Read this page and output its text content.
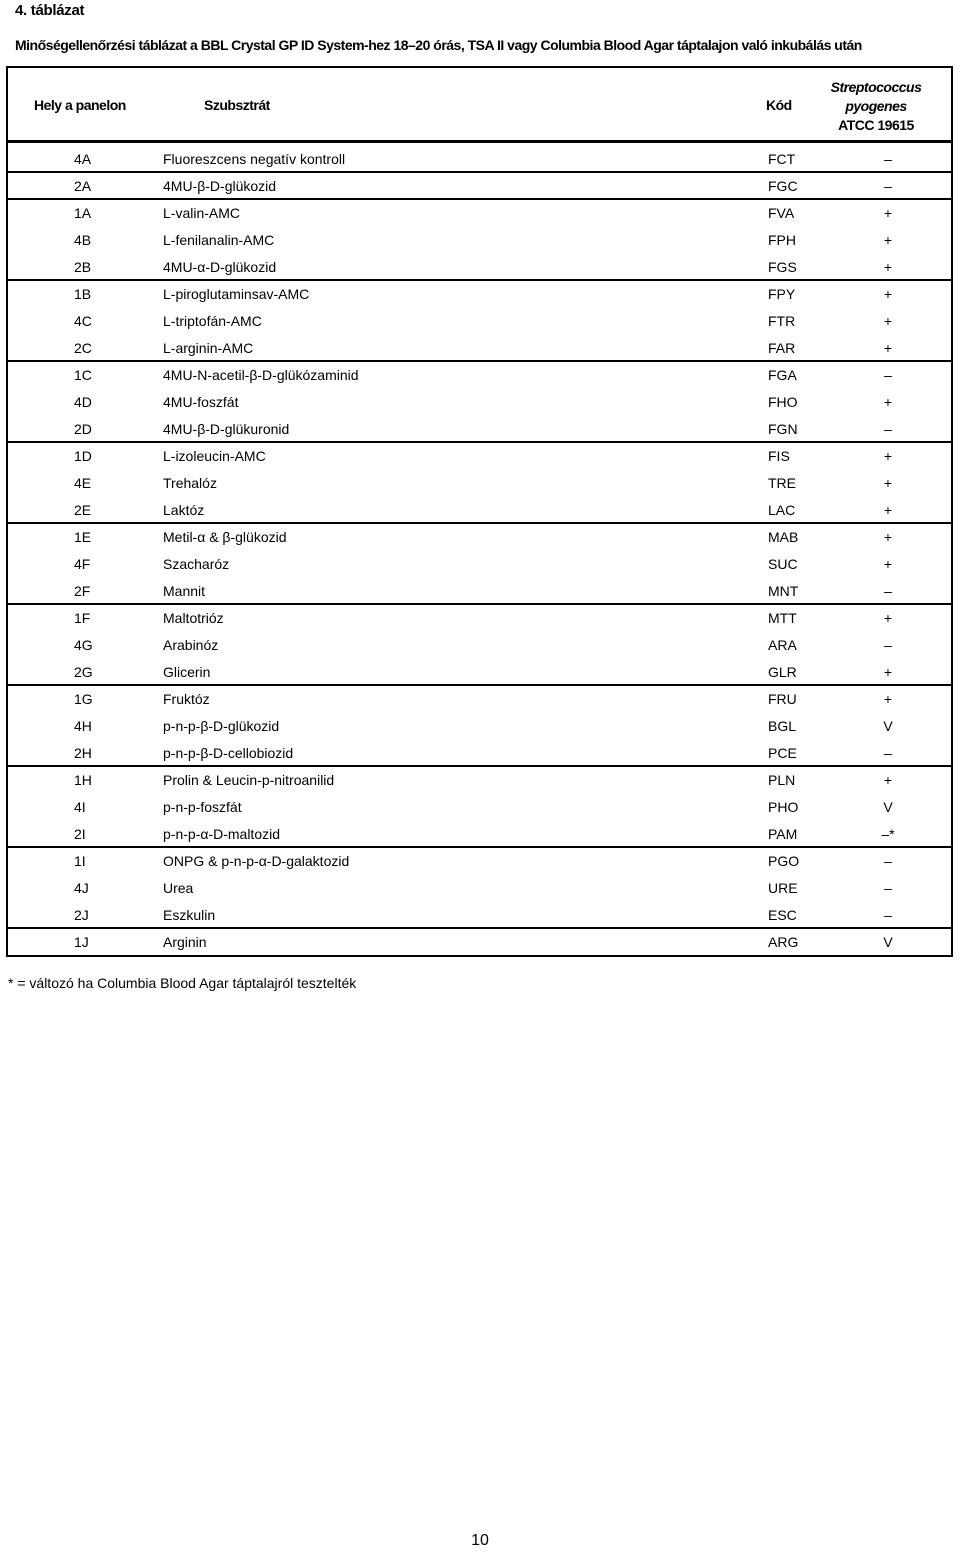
4. táblázat

Minőségellenőrzési táblázat a BBL Crystal GP ID System-hez 18–20 órás, TSA II vagy Columbia Blood Agar táptalajon való inkubálás után

Hely a panelon	Szubsztrát	Kód
Streptococcus
pyogenes
ATCC 19615
4A	Fluoreszcens negatív kontroll	FCT	–
2A	4MU-β-D-glükozid	FGC	–
1A	L-valin-AMC	FVA	+
4B	L-fenilanalin-AMC	FPH	+
2B	4MU-α-D-glükozid	FGS	+
1B	L-piroglutaminsav-AMC	FPY	+
4C	L-triptofán-AMC	FTR	+
2C	L-arginin-AMC	FAR	+
1C	4MU-N-acetil-β-D-glükózaminid	FGA	–
4D	4MU-foszfát	FHO	+
2D	4MU-β-D-glükuronid	FGN	–
1D	L-izoleucin-AMC	FIS	+
4E	Trehalóz	TRE	+
2E	Laktóz	LAC	+
1E	Metil-α & β-glükozid	MAB	+
4F	Szacharóz	SUC	+
2F	Mannit	MNT	–
1F	Maltotrióz	MTT	+
4G	Arabinóz	ARA	–
2G	Glicerin	GLR	+
1G	Fruktóz	FRU	+
4H	p-n-p-β-D-glükozid	BGL	V
2H	p-n-p-β-D-cellobiozid	PCE	–
1H	Prolin & Leucin-p-nitroanilid	PLN	+
4I	p-n-p-foszfát	PHO	V
2I	p-n-p-α-D-maltozid	PAM	–*
1I	ONPG & p-n-p-α-D-galaktozid	PGO	–
4J	Urea	URE	–
2J	Eszkulin	ESC	–
1J	Arginin	ARG	V

* = változó ha Columbia Blood Agar táptalajról tesztelték

10
